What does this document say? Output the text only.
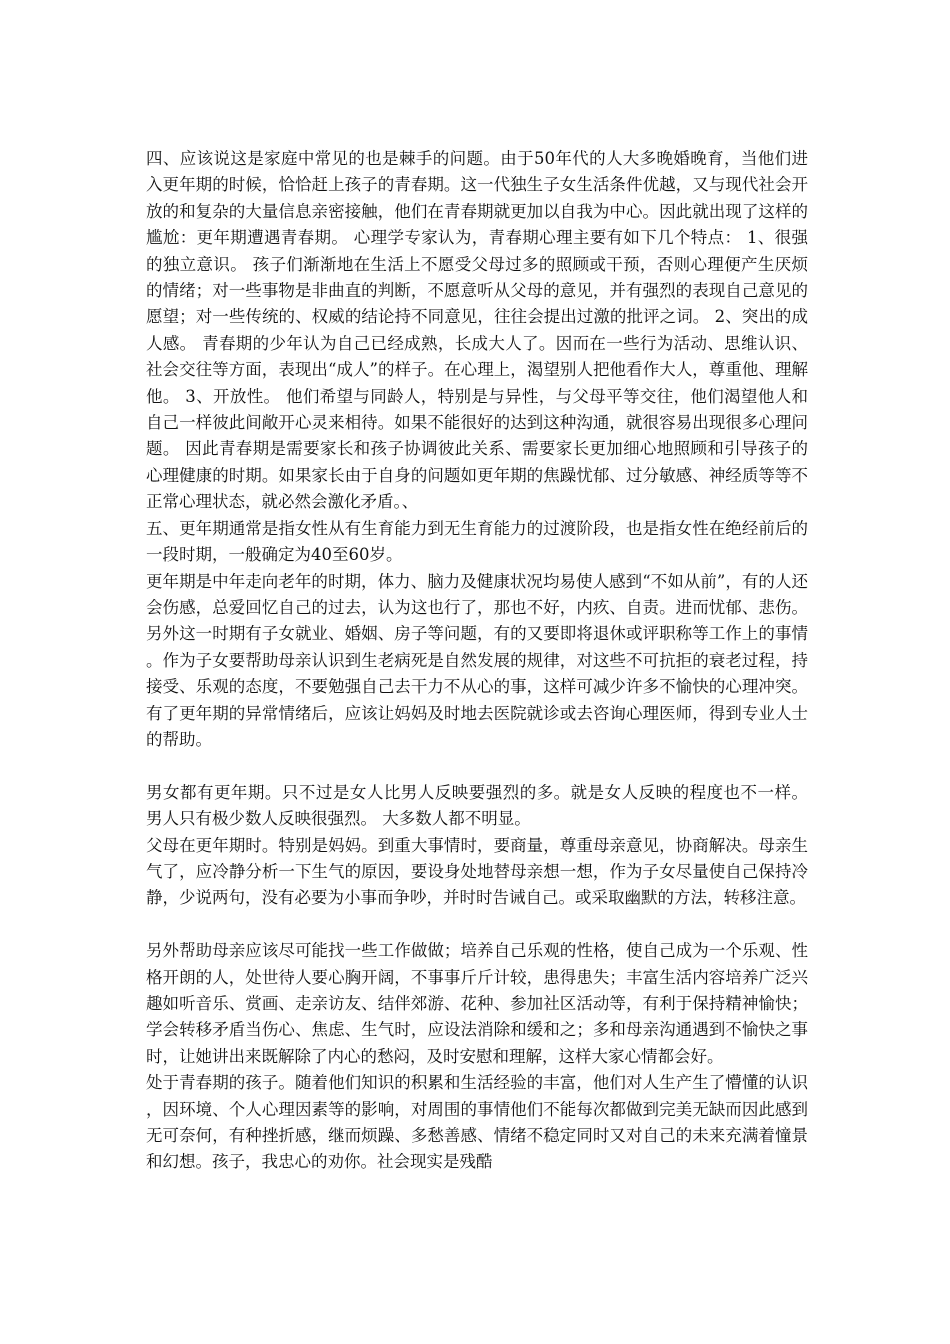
四、应该说这是家庭中常见的也是棘手的问题。由于50年代的人大多晚婚晚育，当他们进入更年期的时候，恰恰赶上孩子的青春期。这一代独生子女生活条件优越，又与现代社会开放的和复杂的大量信息亲密接触，他们在青春期就更加以自我为中心。因此就出现了这样的尴尬：更年期遭遇青春期。 心理学专家认为，青春期心理主要有如下几个特点： 1、很强的独立意识。 孩子们渐渐地在生活上不愿受父母过多的照顾或干预，否则心理便产生厌烦的情绪；对一些事物是非曲直的判断，不愿意听从父母的意见，并有强烈的表现自己意见的愿望；对一些传统的、权威的结论持不同意见，往往会提出过激的批评之词。 2、突出的成人感。 青春期的少年认为自己已经成熟，长成大人了。因而在一些行为活动、思维认识、社会交往等方面，表现出“成人”的样子。在心理上，渴望别人把他看作大人，尊重他、理解他。 3、开放性。 他们希望与同龄人，特别是与异性，与父母平等交往，他们渴望他人和自己一样彼此间敞开心灵来相待。如果不能很好的达到这种沟通，就很容易出现很多心理问题。 因此青春期是需要家长和孩子协调彼此关系、需要家长更加细心地照顾和引导孩子的心理健康的时期。如果家长由于自身的问题如更年期的焦躁忧郁、过分敏感、神经质等等不正常心理状态，就必然会激化矛盾。、

五、更年期通常是指女性从有生育能力到无生育能力的过渡阶段，也是指女性在绝经前后的一段时期，一般确定为40至60岁。

更年期是中年走向老年的时期，体力、脑力及健康状况均易使人感到“不如从前”，有的人还会伤感，总爱回忆自己的过去，认为这也行了，那也不好，内疚、自责。进而忧郁、悲伤。另外这一时期有子女就业、婚姻、房子等问题，有的又要即将退休或评职称等工作上的事情。作为子女要帮助母亲认识到生老病死是自然发展的规律，对这些不可抗拒的衰老过程，持接受、乐观的态度，不要勉强自己去干力不从心的事，这样可减少许多不愉快的心理冲突。有了更年期的异常情绪后，应该让妈妈及时地去医院就诊或去咨询心理医师，得到专业人士的帮助。

男女都有更年期。只不过是女人比男人反映要强烈的多。就是女人反映的程度也不一样。 男人只有极少数人反映很强烈。 大多数人都不明显。

父母在更年期时。特别是妈妈。到重大事情时，要商量，尊重母亲意见，协商解决。母亲生气了，应冷静分析一下生气的原因，要设身处地替母亲想一想，作为子女尽量使自己保持冷静，少说两句，没有必要为小事而争吵，并时时告诫自己。或采取幽默的方法，转移注意。

另外帮助母亲应该尽可能找一些工作做做；培养自己乐观的性格，使自己成为一个乐观、性格开朗的人，处世待人要心胸开阔，不事事斤斤计较，患得患失；丰富生活内容培养广泛兴趣如听音乐、赏画、走亲访友、结伴郊游、花种、参加社区活动等，有利于保持精神愉快；学会转移矛盾当伤心、焦虑、生气时，应设法消除和缓和之；多和母亲沟通遇到不愉快之事时，让她讲出来既解除了内心的愁闷，及时安慰和理解，这样大家心情都会好。

处于青春期的孩子。随着他们知识的积累和生活经验的丰富，他们对人生产生了懵懂的认识，因环境、个人心理因素等的影响，对周围的事情他们不能每次都做到完美无缺而因此感到无可奈何，有种挫折感，继而烦躁、多愁善感、情绪不稳定同时又对自己的未来充满着憧景和幻想。孩子，我忠心的劝你。社会现实是残酷
